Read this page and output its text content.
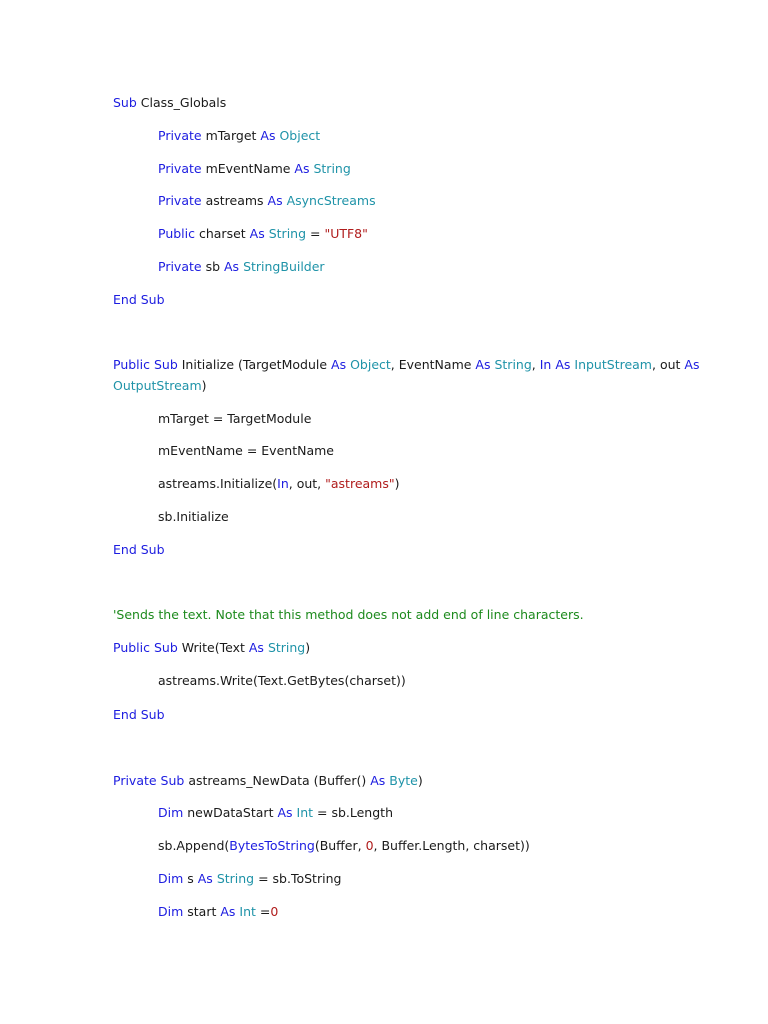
Sub Class_Globals
Private mTarget As Object
Private mEventName As String
Private astreams As AsyncStreams
Public charset As String = "UTF8"
Private sb As StringBuilder
End Sub
Public Sub Initialize (TargetModule As Object, EventName As String, In As InputStream, out As
OutputStream)
mTarget = TargetModule
mEventName = EventName
astreams.Initialize(In, out, "astreams")
sb.Initialize
End Sub
'Sends the text. Note that this method does not add end of line characters.
Public Sub Write(Text As String)
astreams.Write(Text.GetBytes(charset))
End Sub
Private Sub astreams_NewData (Buffer() As Byte)
Dim newDataStart As Int = sb.Length
sb.Append(BytesToString(Buffer, 0, Buffer.Length, charset))
Dim s As String = sb.ToString
Dim start As Int =0
